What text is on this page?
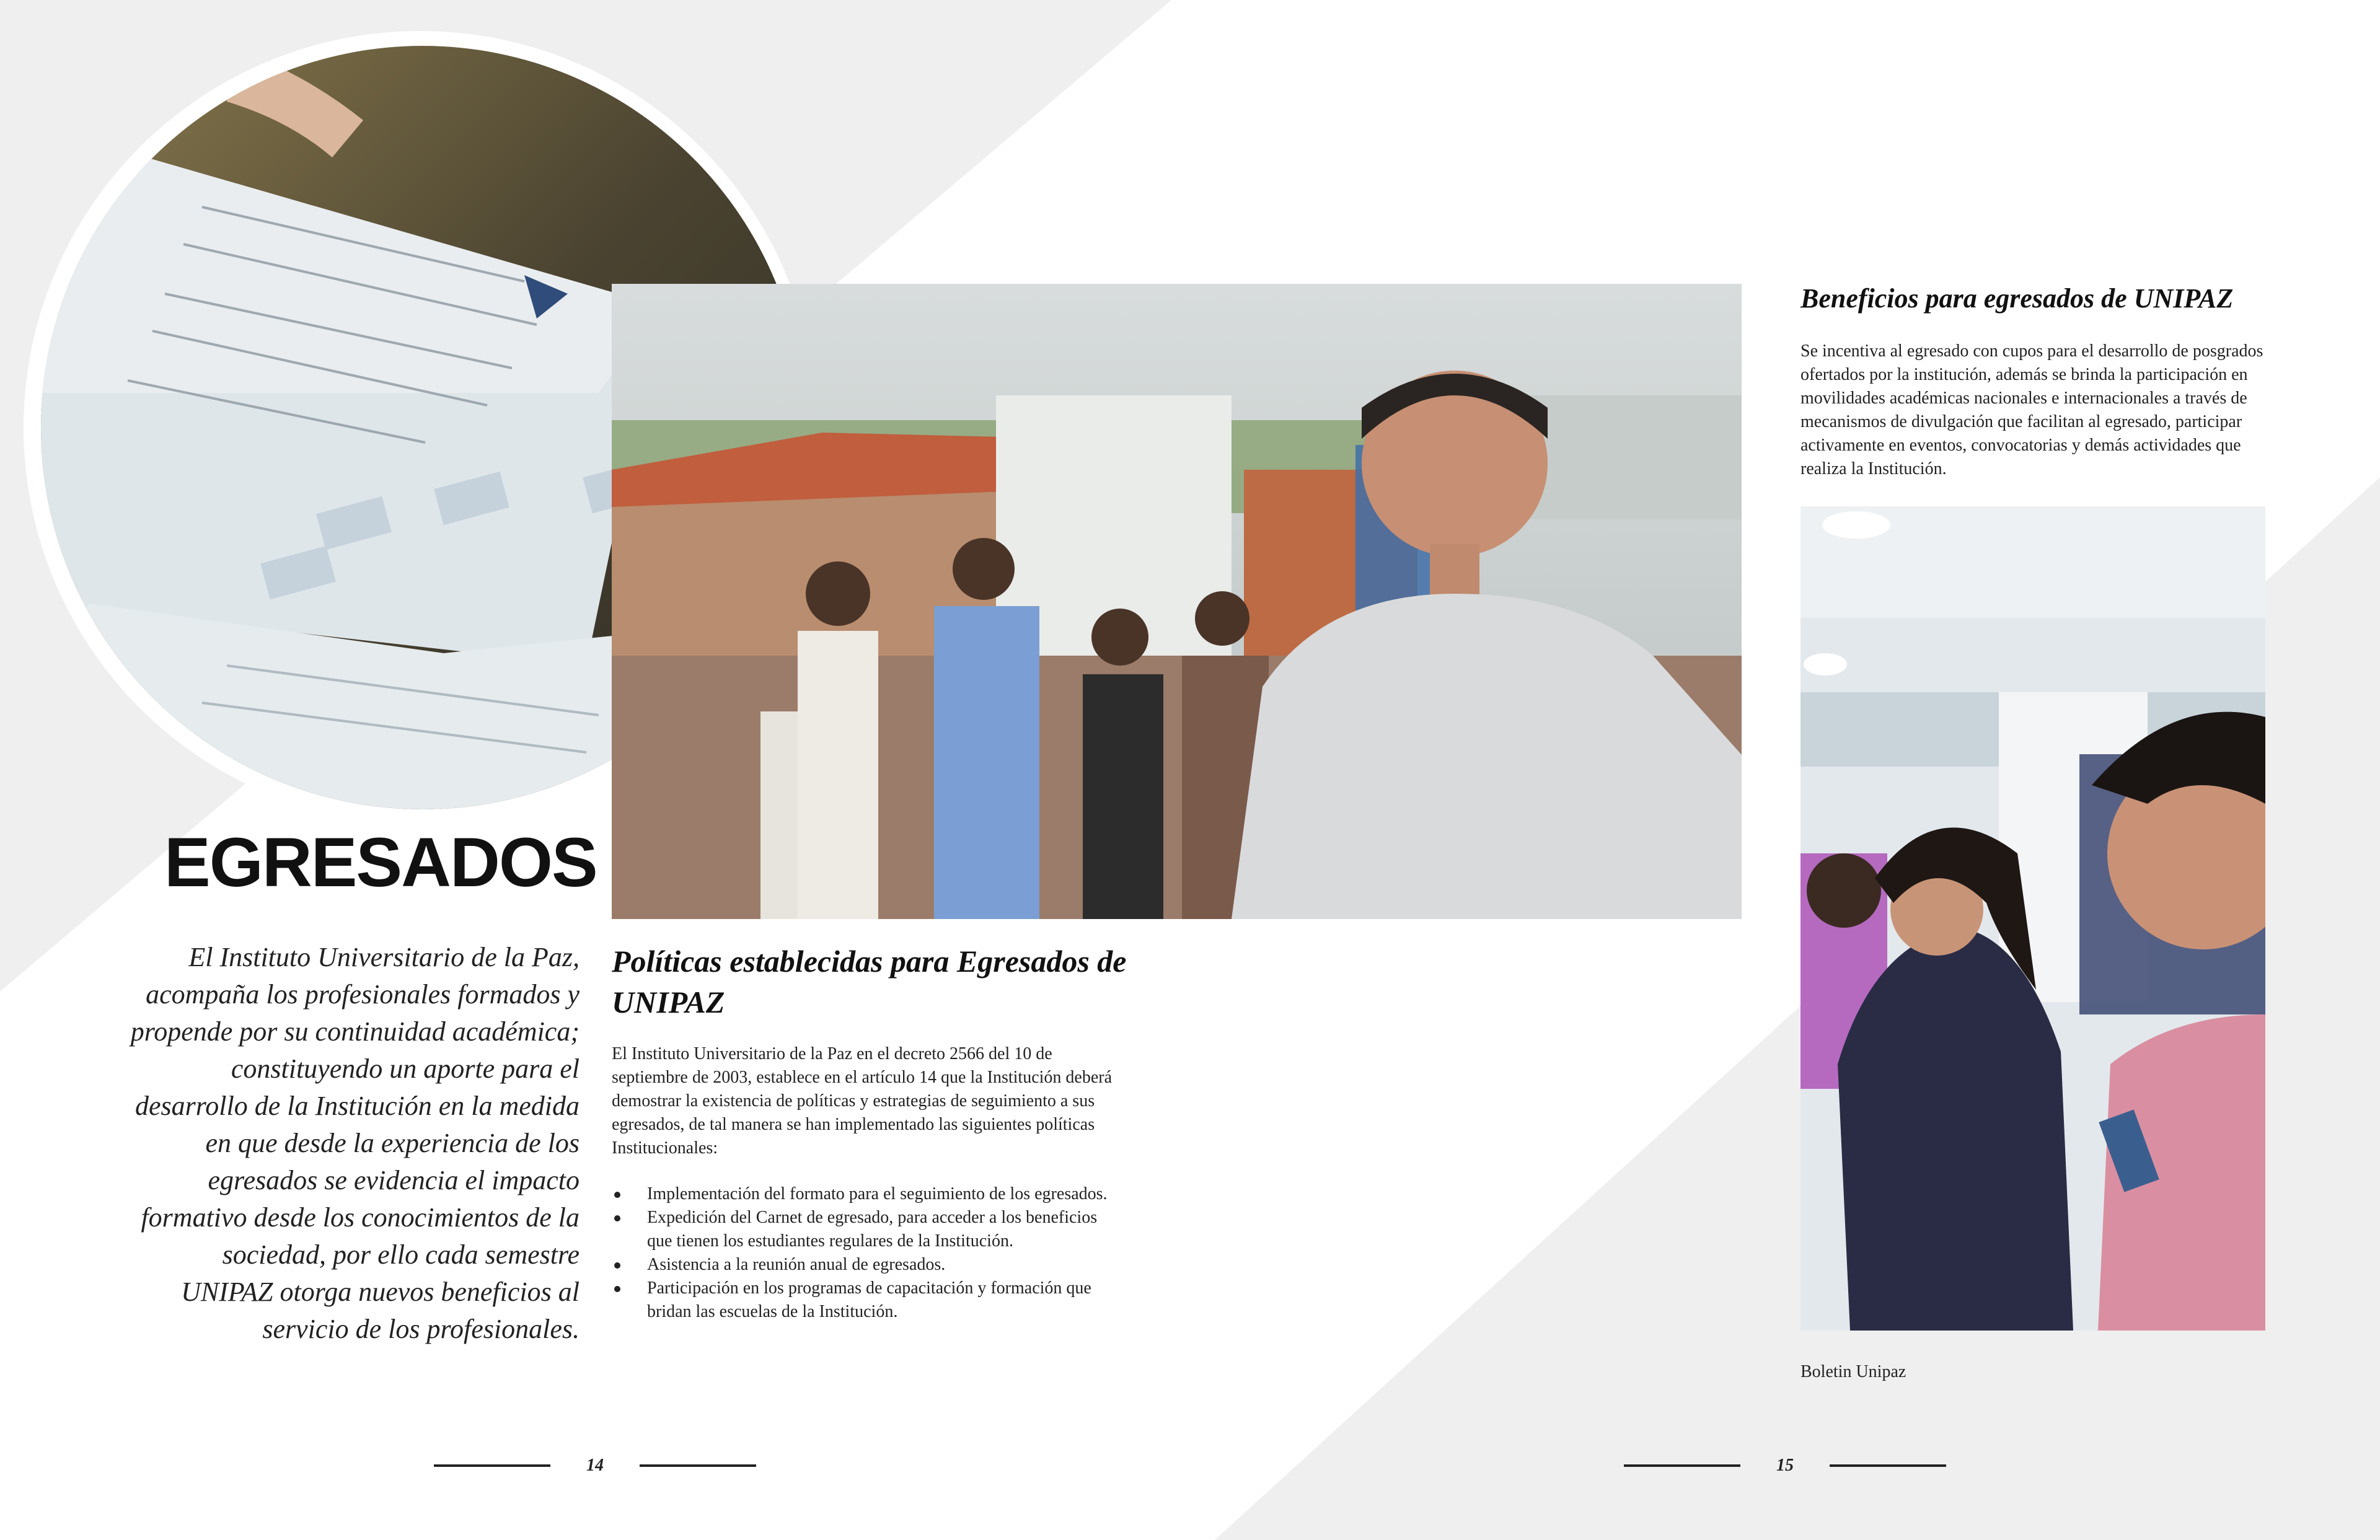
EGRESADOS

El Instituto Universitario de la Paz, acompaña los profesionales formados y propende por su continuidad académica; constituyendo un aporte para el desarrollo de la Institución en la medida en que desde la experiencia de los egresados se evidencia el impacto formativo desde los conocimientos de la sociedad, por ello cada semestre UNIPAZ otorga nuevos beneficios al servicio de los profesionales.

Políticas establecidas para Egresados de UNIPAZ

El Instituto Universitario de la Paz en el decreto 2566 del 10 de septiembre de 2003, establece en el artículo 14 que la Institución deberá demostrar la existencia de políticas y estrategias de seguimiento a sus egresados, de tal manera se han implementado las siguientes políticas Institucionales:

Implementación del formato para el seguimiento de los egresados.
Expedición del Carnet de egresado, para acceder a los beneficios que tienen los estudiantes regulares de la Institución.
Asistencia a la reunión anual de egresados.
Participación en los programas de capacitación y formación que bridan las escuelas de la Institución.
Beneficios para egresados de UNIPAZ

Se incentiva al egresado con cupos para el desarrollo de posgrados ofertados por la institución, además se brinda la participación en movilidades académicas nacionales e internacionales a través de mecanismos de divulgación que facilitan al egresado, participar activamente en eventos, convocatorias y demás actividades que realiza la Institución.

Boletin Unipaz

14	15
